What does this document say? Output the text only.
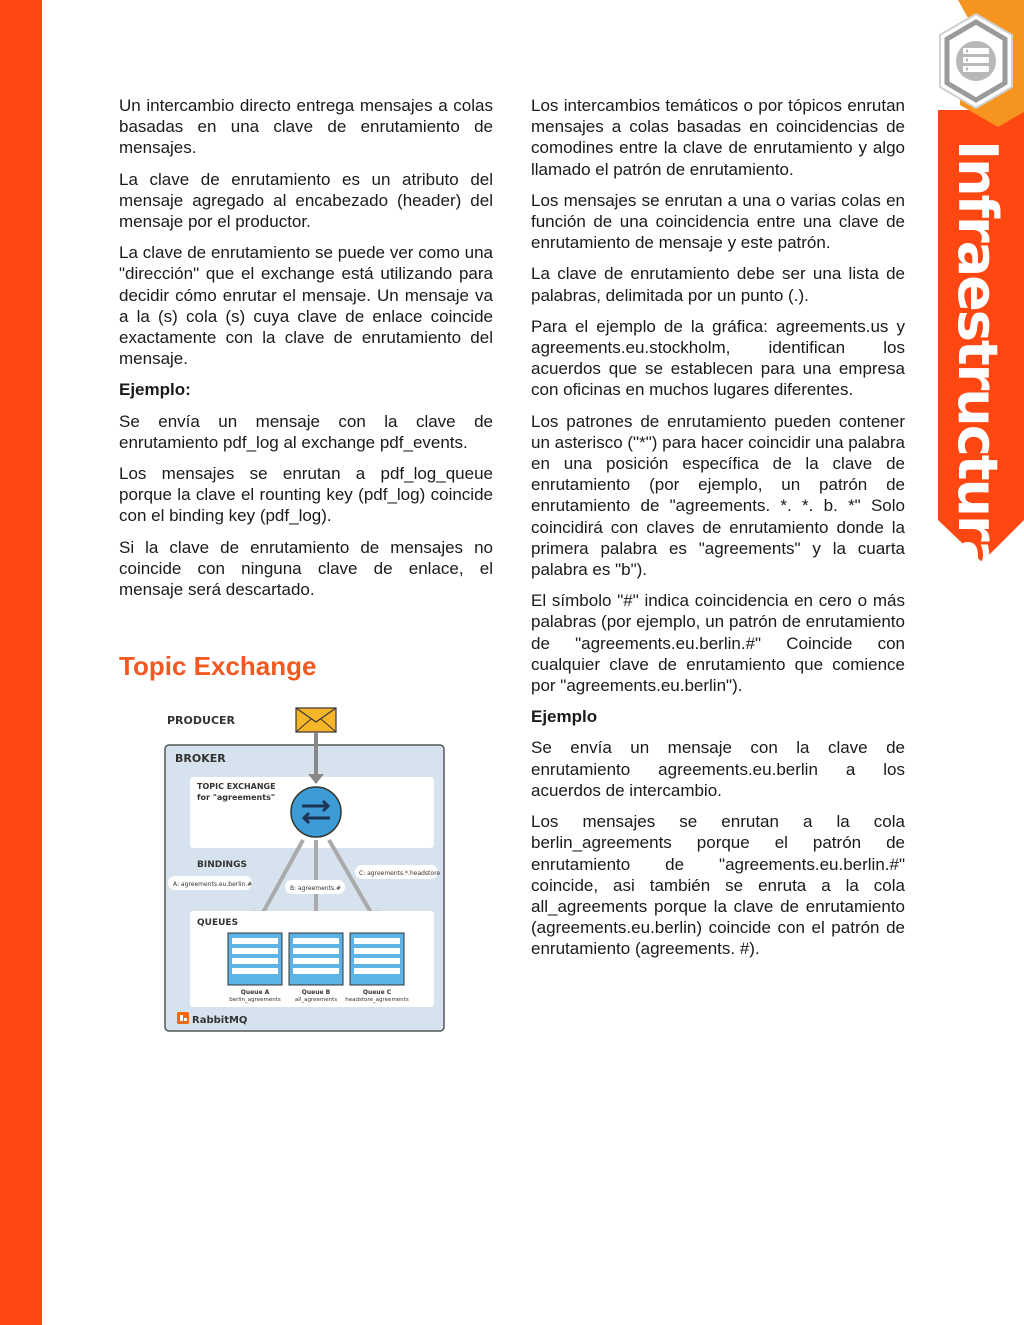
Un intercambio directo entrega mensajes a colas basadas en una clave de enrutamiento de mensajes.

La clave de enrutamiento es un atributo del mensaje agregado al encabezado (header) del mensaje por el productor.

La clave de enrutamiento se puede ver como una "dirección" que el exchange está utilizando para decidir cómo enrutar el mensaje. Un mensaje va a la (s) cola (s) cuya clave de enlace coincide exactamente con la clave de enrutamiento del mensaje.

Ejemplo:

Se envía un mensaje con la clave de enrutamiento pdf_log al exchange pdf_events.

Los mensajes se enrutan a pdf_log_queue porque la clave el rounting key (pdf_log) coincide con el binding key (pdf_log).

Si la clave de enrutamiento de mensajes no coincide con ninguna clave de enlace, el mensaje será descartado.

Topic Exchange
PRODUCER
BROKER
TOPIC EXCHANGE
for "agreements"
BINDINGS
A: agreements.eu.berlin.#
B: agreements.#
C: agreements.*.headstore
QUEUES
Queue A
berlin_agreements
Queue B
all_agreements
Queue C
headstore_agreements
RabbitMQ

Los intercambios temáticos o por tópicos enrutan mensajes a colas basadas en coincidencias de comodines entre la clave de enrutamiento y algo llamado el patrón de enrutamiento.

Los mensajes se enrutan a una o varias colas en función de una coincidencia entre una clave de enrutamiento de mensaje y este patrón.

La clave de enrutamiento debe ser una lista de palabras, delimitada por un punto (.).

Para el ejemplo de la gráfica: agreements.us y agreements.eu.stockholm, identifican los acuerdos que se establecen para una empresa con oficinas en muchos lugares diferentes.

Los patrones de enrutamiento pueden contener un asterisco ("*") para hacer coincidir una palabra en una posición específica de la clave de enrutamiento (por ejemplo, un patrón de enrutamiento de "agreements. *. *. b. *" Solo coincidirá con claves de enrutamiento donde la primera palabra es "agreements" y la cuarta palabra es "b").

El símbolo "#" indica coincidencia en cero o más palabras (por ejemplo, un patrón de enrutamiento de "agreements.eu.berlin.#" Coincide con cualquier clave de enrutamiento que comience por "agreements.eu.berlin").

Ejemplo

Se envía un mensaje con la clave de enrutamiento agreements.eu.berlin a los acuerdos de intercambio.

Los mensajes se enrutan a la cola berlin_agreements porque el patrón de enrutamiento de "agreements.eu.berlin.#" coincide, asi también se enruta a la cola all_agreements porque la clave de enrutamiento (agreements.eu.berlin) coincide con el patrón de enrutamiento (agreements. #).

Infraestructura
